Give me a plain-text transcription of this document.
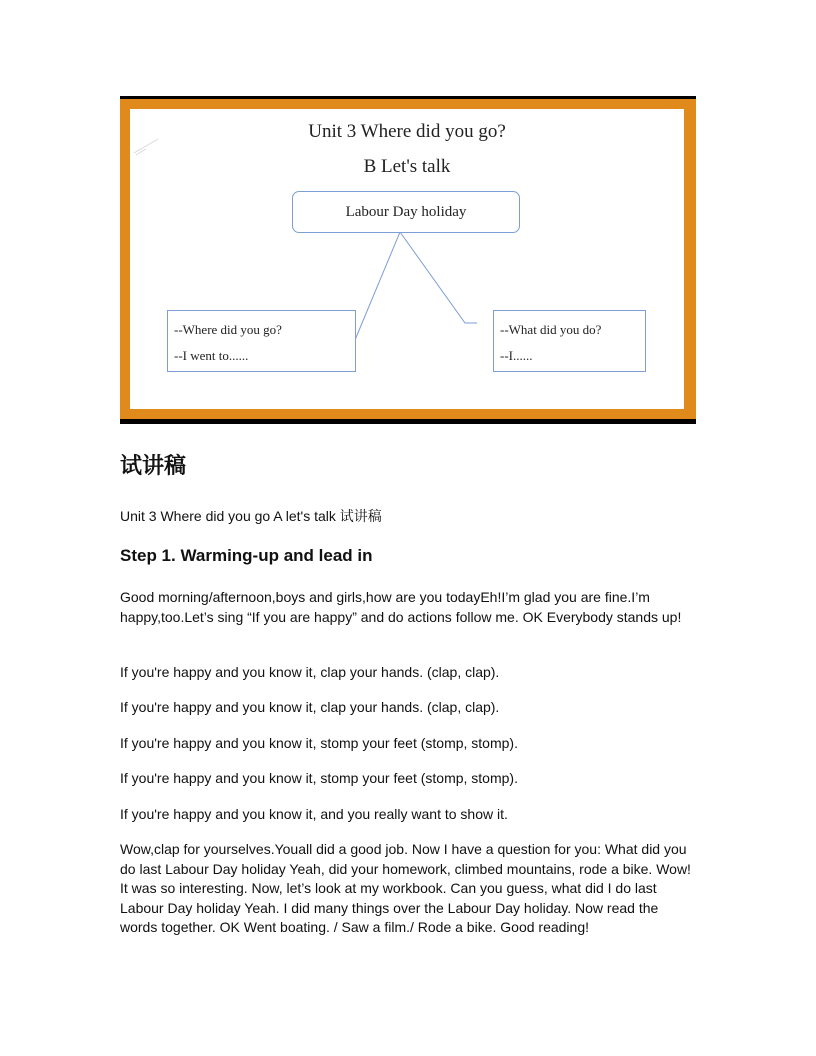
Unit 3 Where did you go?
B Let's talk
Labour Day holiday
--Where did you go?
--I went to......
--What did you do?
--I......
试讲稿
Unit 3 Where did you go A let's talk 试讲稿
Step 1. Warming-up and lead in

Good morning/afternoon,boys and girls,how are you todayEh!I’m glad you are fine.I’m happy,too.Let’s sing “If you are happy” and do actions follow me. OK Everybody stands up!

If you're happy and you know it, clap your hands. (clap, clap).

If you're happy and you know it, clap your hands. (clap, clap).

If you're happy and you know it, stomp your feet (stomp, stomp).

If you're happy and you know it, stomp your feet (stomp, stomp).

If you're happy and you know it, and you really want to show it.

Wow,clap for yourselves.Youall did a good job. Now I have a question for you: What did you do last Labour Day holiday Yeah, did your homework, climbed mountains, rode a bike. Wow! It was so interesting. Now, let’s look at my workbook. Can you guess, what did I do last Labour Day holiday Yeah. I did many things over the Labour Day holiday. Now read the words together. OK Went boating. / Saw a film./ Rode a bike. Good reading!
